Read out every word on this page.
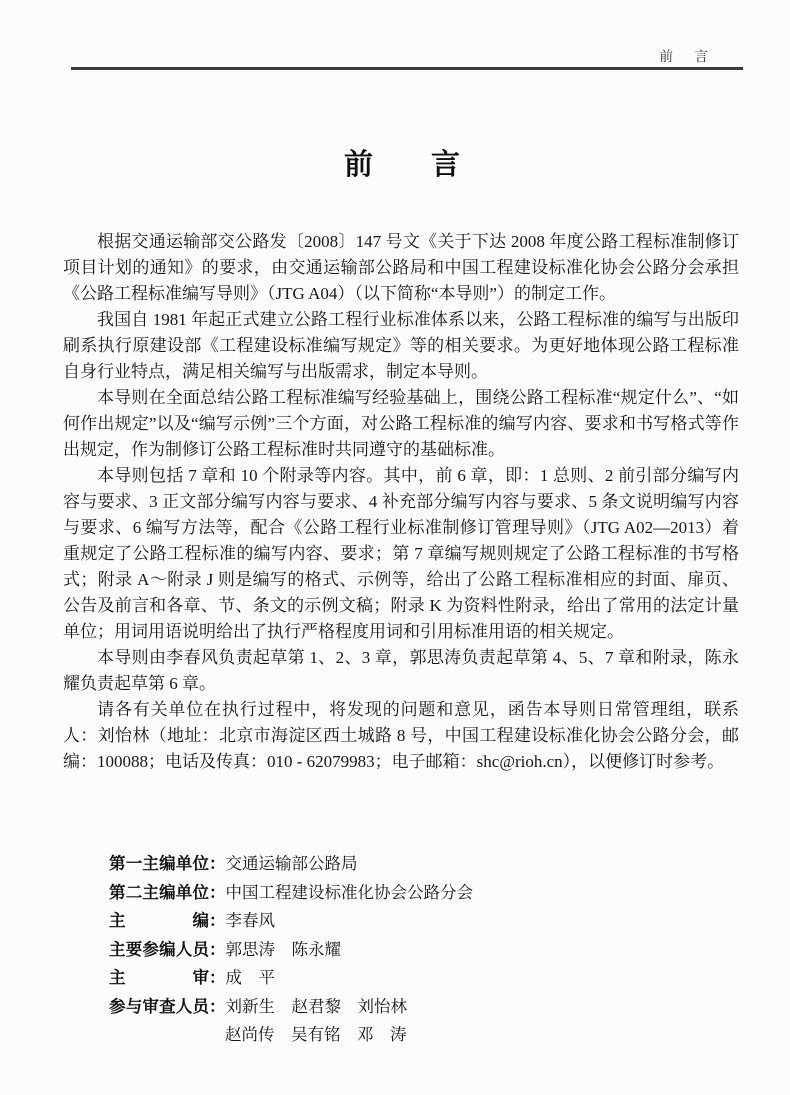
前　言
前　　言

根据交通运输部交公路发〔2008〕147 号文《关于下达 2008 年度公路工程标准制修订项目计划的通知》的要求，由交通运输部公路局和中国工程建设标准化协会公路分会承担《公路工程标准编写导则》（JTG A04）（以下简称“本导则”）的制定工作。

我国自 1981 年起正式建立公路工程行业标准体系以来，公路工程标准的编写与出版印刷系执行原建设部《工程建设标准编写规定》等的相关要求。为更好地体现公路工程标准自身行业特点，满足相关编写与出版需求，制定本导则。

本导则在全面总结公路工程标准编写经验基础上，围绕公路工程标准“规定什么”、“如何作出规定”以及“编写示例”三个方面，对公路工程标准的编写内容、要求和书写格式等作出规定，作为制修订公路工程标准时共同遵守的基础标准。

本导则包括 7 章和 10 个附录等内容。其中，前 6 章，即：1 总则、2 前引部分编写内容与要求、3 正文部分编写内容与要求、4 补充部分编写内容与要求、5 条文说明编写内容与要求、6 编写方法等，配合《公路工程行业标准制修订管理导则》（JTG A02—2013）着重规定了公路工程标准的编写内容、要求；第 7 章编写规则规定了公路工程标准的书写格式；附录 A～附录 J 则是编写的格式、示例等，给出了公路工程标准相应的封面、扉页、公告及前言和各章、节、条文的示例文稿；附录 K 为资料性附录，给出了常用的法定计量单位；用词用语说明给出了执行严格程度用词和引用标准用语的相关规定。

本导则由李春风负责起草第 1、2、3 章，郭思涛负责起草第 4、5、7 章和附录，陈永耀负责起草第 6 章。

请各有关单位在执行过程中，将发现的问题和意见，函告本导则日常管理组，联系人：刘怡林（地址：北京市海淀区西土城路 8 号，中国工程建设标准化协会公路分会，邮编：100088；电话及传真：010 - 62079983；电子邮箱：shc@rioh.cn），以便修订时参考。

第一主编单位：交通运输部公路局
第二主编单位：中国工程建设标准化协会公路分会
主编：李春风
主要参编人员：郭思涛　陈永耀
主审：成　平
参与审查人员：刘新生　赵君黎　刘怡林
赵尚传　吴有铭　邓　涛
